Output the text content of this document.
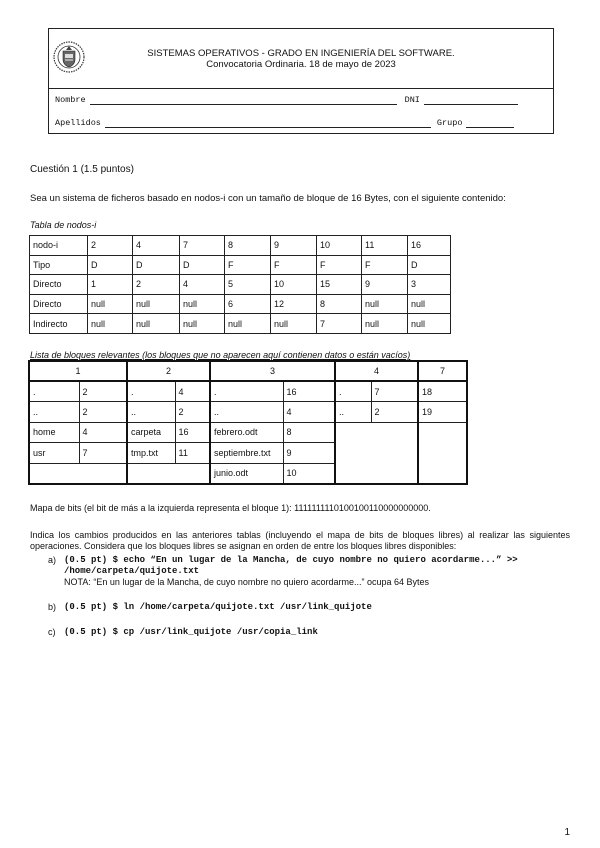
SISTEMAS OPERATIVOS - GRADO EN INGENIERÍA DEL SOFTWARE.
Convocatoria Ordinaria. 18 de mayo de 2023
Nombre	DNI
Apellidos	Grupo
Cuestión 1 (1.5 puntos)
Sea un sistema de ficheros basado en nodos-i con un tamaño de bloque de 16 Bytes, con el siguiente contenido:
Tabla de nodos-i
nodo-i	2	4	7	8	9	10	11	16
Tipo	D	D	D	F	F	F	F	D
Directo	1	2	4	5	10	15	9	3
Directo	null	null	null	6	12	8	null	null
Indirecto	null	null	null	null	null	7	null	null
Lista de bloques relevantes (los bloques que no aparecen aquí contienen datos o están vacíos)
1		2		3		4		7
.	2	.	4	.	16	.	7	18
..	2	..	2	..	4	..	2	19
home	4	carpeta	16	febrero.odt	8			
usr	7	tmp.txt	11	septiembre.txt	9			
				junio.odt	10			
Mapa de bits (el bit de más a la izquierda representa el bloque 1): 1111111110100100110000000000.
Indica los cambios producidos en las anteriores tablas (incluyendo el mapa de bits de bloques libres) al realizar las siguientes operaciones. Considera que los bloques libres se asignan en orden de entre los bloques libres disponibles:
a) (0.5 pt) $ echo “En un lugar de la Mancha, de cuyo nombre no quiero acordarme...” >>
/home/carpeta/quijote.txt
NOTA: “En un lugar de la Mancha, de cuyo nombre no quiero acordarme...” ocupa 64 Bytes
b) (0.5 pt) $ ln /home/carpeta/quijote.txt /usr/link_quijote
c) (0.5 pt) $ cp /usr/link_quijote /usr/copia_link
1
